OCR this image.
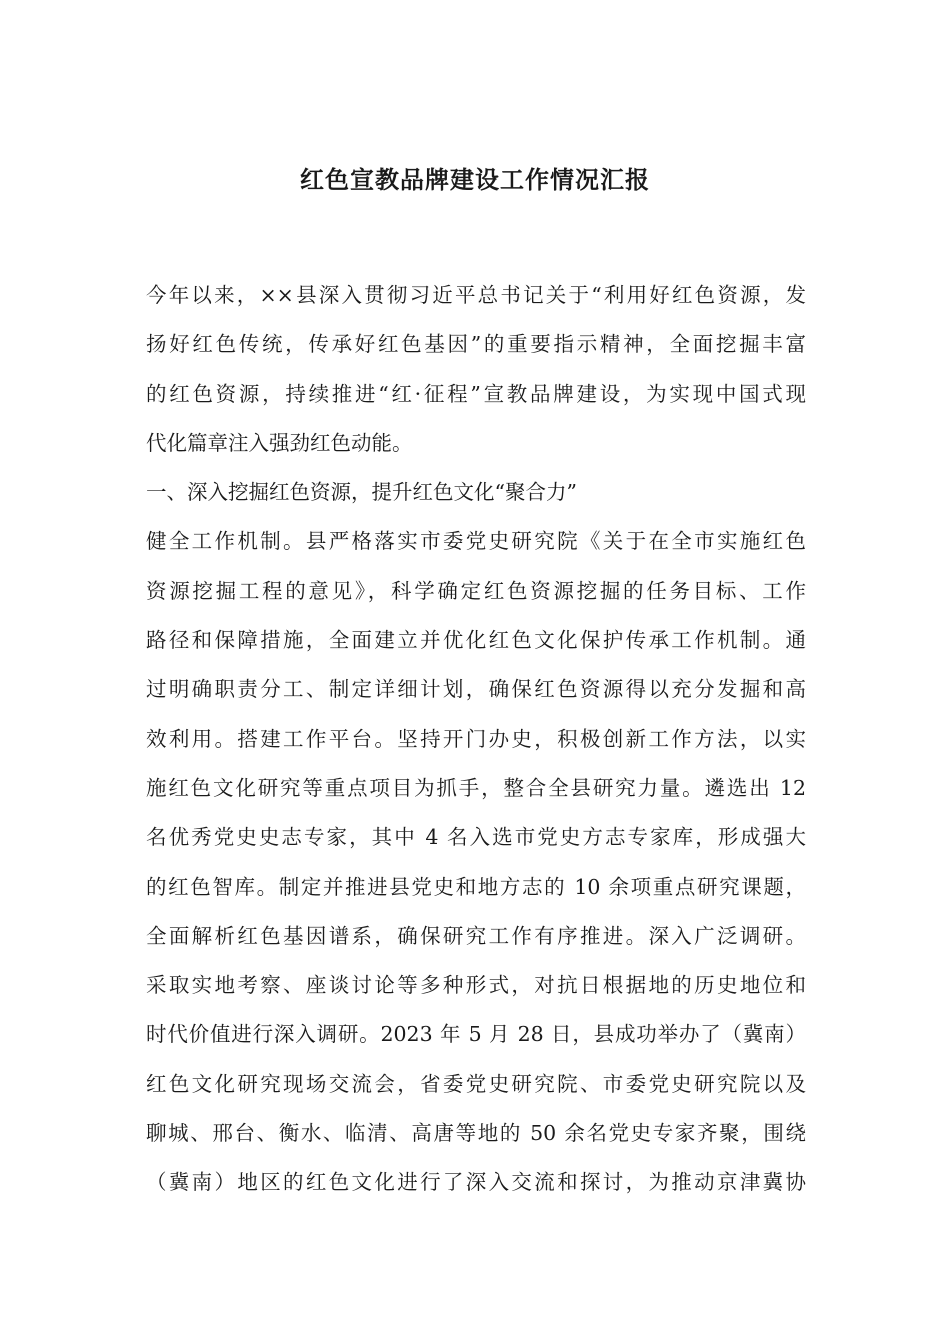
红色宣教品牌建设工作情况汇报
今年以来，××县深入贯彻习近平总书记关于“利用好红色资源，发
扬好红色传统，传承好红色基因”的重要指示精神，全面挖掘丰富
的红色资源，持续推进“红·征程”宣教品牌建设，为实现中国式现
代化篇章注入强劲红色动能。
一、深入挖掘红色资源，提升红色文化“聚合力”
健全工作机制。县严格落实市委党史研究院《关于在全市实施红色
资源挖掘工程的意见》，科学确定红色资源挖掘的任务目标、工作
路径和保障措施，全面建立并优化红色文化保护传承工作机制。通
过明确职责分工、制定详细计划，确保红色资源得以充分发掘和高
效利用。搭建工作平台。坚持开门办史，积极创新工作方法，以实
施红色文化研究等重点项目为抓手，整合全县研究力量。遴选出 12
名优秀党史史志专家，其中 4 名入选市党史方志专家库，形成强大
的红色智库。制定并推进县党史和地方志的 10 余项重点研究课题，
全面解析红色基因谱系，确保研究工作有序推进。深入广泛调研。
采取实地考察、座谈讨论等多种形式，对抗日根据地的历史地位和
时代价值进行深入调研。2023 年 5 月 28 日，县成功举办了（冀南）
红色文化研究现场交流会，省委党史研究院、市委党史研究院以及
聊城、邢台、衡水、临清、高唐等地的 50 余名党史专家齐聚，围绕
（冀南）地区的红色文化进行了深入交流和探讨，为推动京津冀协
